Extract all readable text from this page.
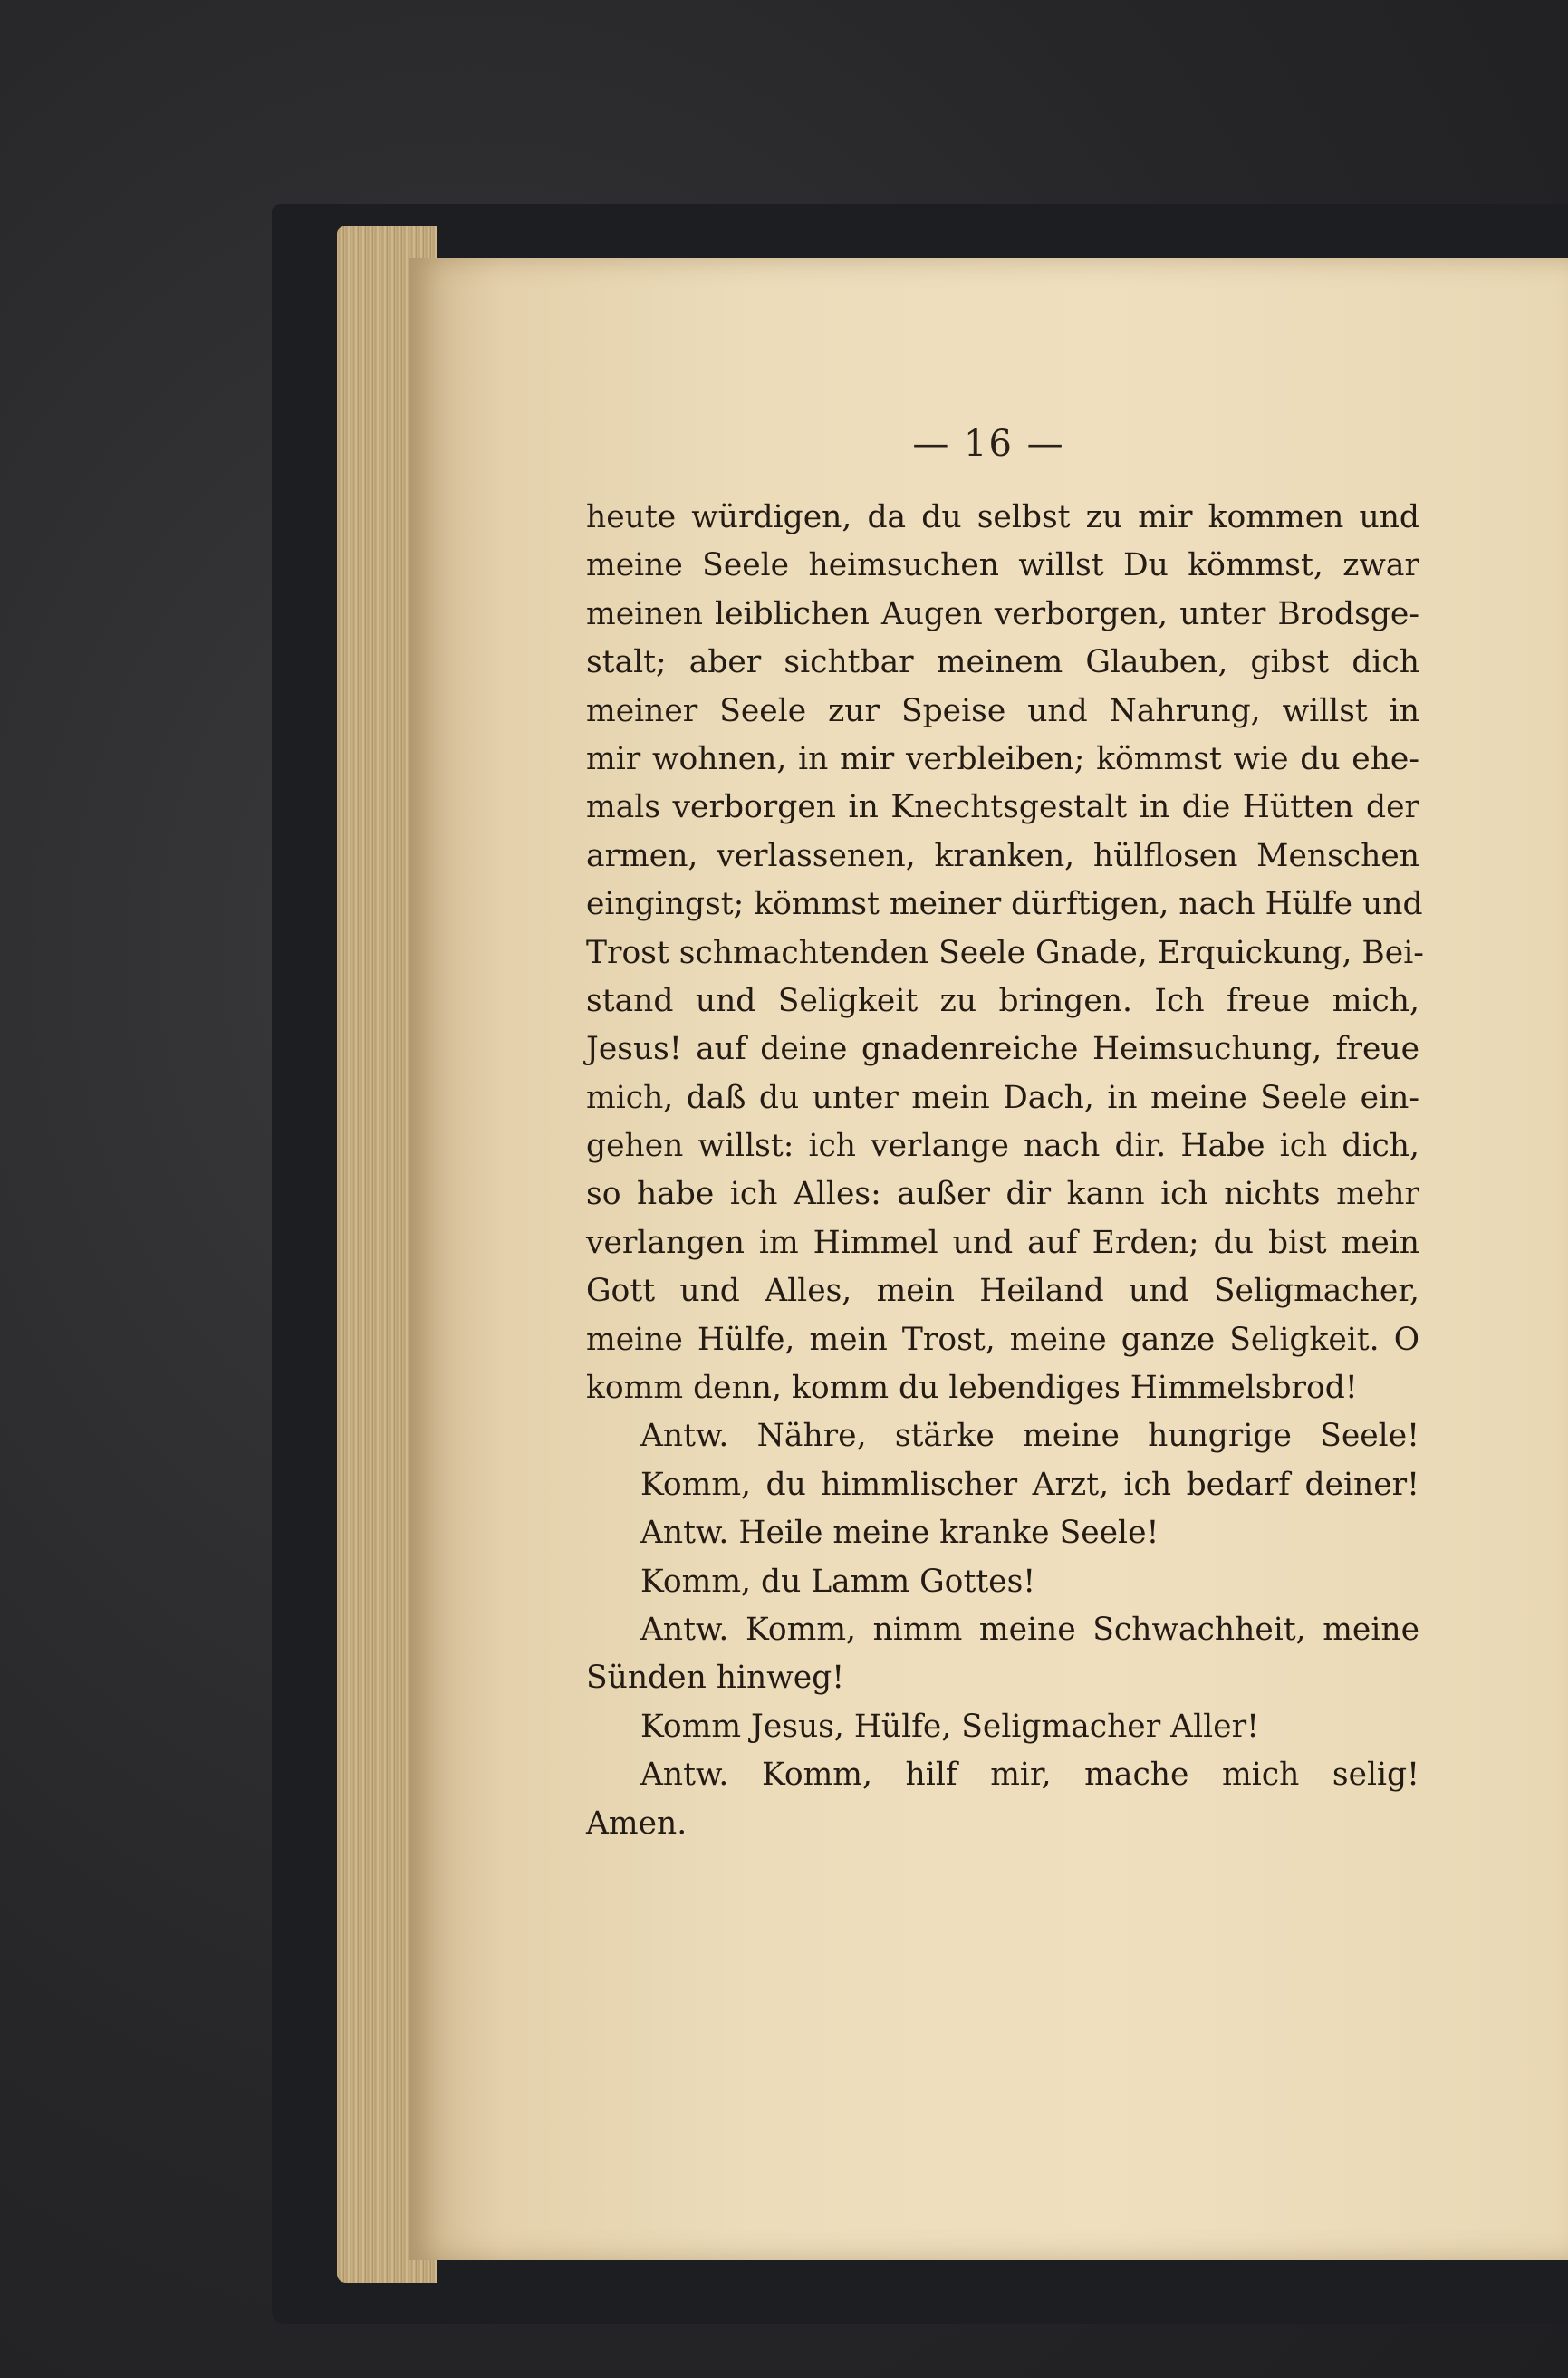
— 16 —
heute würdigen, da du selbst zu mir kommen und
meine Seele heimsuchen willst Du kömmst, zwar
meinen leiblichen Augen verborgen, unter Brodsge-
stalt; aber sichtbar meinem Glauben, gibst dich
meiner Seele zur Speise und Nahrung, willst in
mir wohnen, in mir verbleiben; kömmst wie du ehe-
mals verborgen in Knechtsgestalt in die Hütten der
armen, verlassenen, kranken, hülflosen Menschen
eingingst; kömmst meiner dürftigen, nach Hülfe und
Trost schmachtenden Seele Gnade, Erquickung, Bei-
stand und Seligkeit zu bringen. Ich freue mich,
Jesus! auf deine gnadenreiche Heimsuchung, freue
mich, daß du unter mein Dach, in meine Seele ein-
gehen willst: ich verlange nach dir. Habe ich dich,
so habe ich Alles: außer dir kann ich nichts mehr
verlangen im Himmel und auf Erden; du bist mein
Gott und Alles, mein Heiland und Seligmacher,
meine Hülfe, mein Trost, meine ganze Seligkeit. O
komm denn, komm du lebendiges Himmelsbrod!
Antw. Nähre, stärke meine hungrige Seele!
Komm, du himmlischer Arzt, ich bedarf deiner!
Antw. Heile meine kranke Seele!
Komm, du Lamm Gottes!
Antw. Komm, nimm meine Schwachheit, meine
Sünden hinweg!
Komm Jesus, Hülfe, Seligmacher Aller!
Antw. Komm, hilf mir, mache mich selig!
Amen.
